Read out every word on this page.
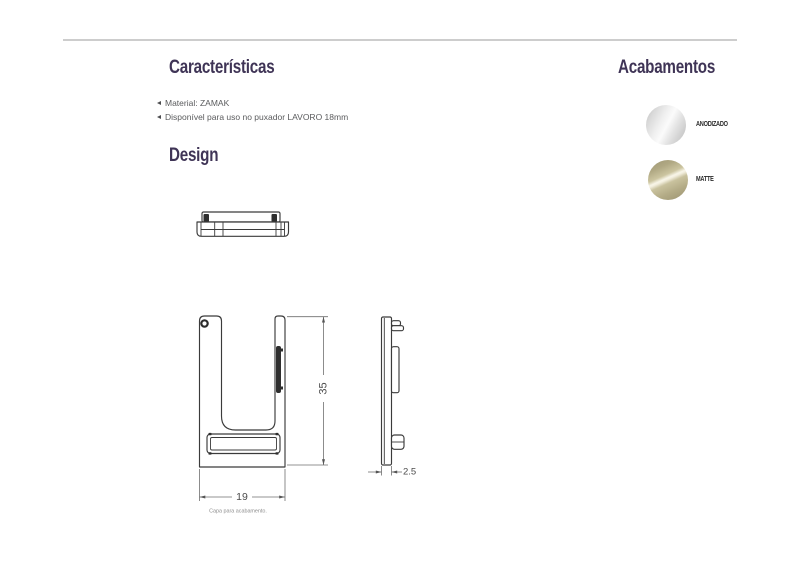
Características
Material: ZAMAK
Disponível para uso no puxador LAVORO 18mm
Design
Acabamentos
ANODIZADO
MATTE
35
19
Capa para acabamento.
2.5
